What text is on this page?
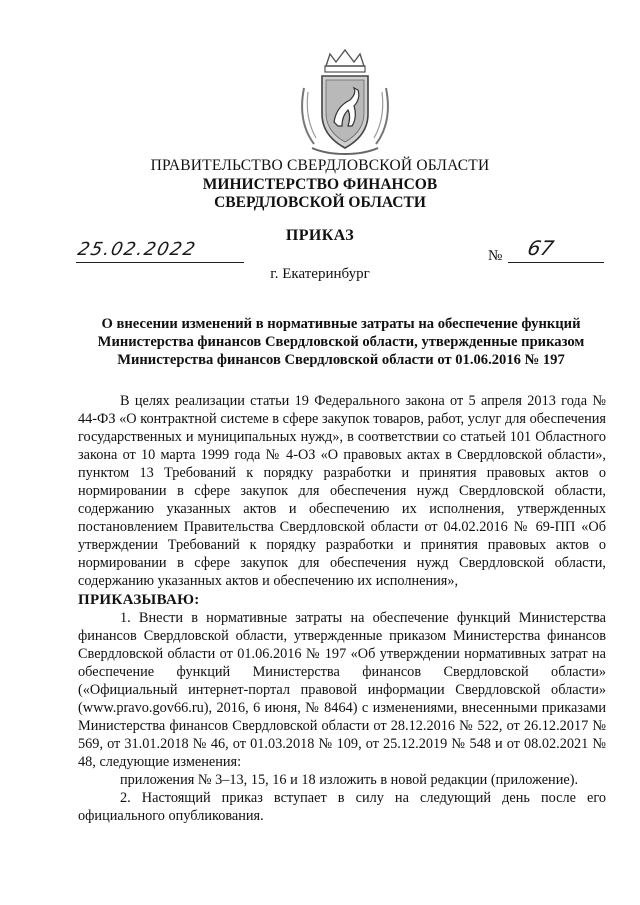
ПРАВИТЕЛЬСТВО СВЕРДЛОВСКОЙ ОБЛАСТИ
МИНИСТЕРСТВО ФИНАНСОВ
СВЕРДЛОВСКОЙ ОБЛАСТИ
ПРИКАЗ
25.02.2022	№ 67
г. Екатеринбург
О внесении изменений в нормативные затраты на обеспечение функций Министерства финансов Свердловской области, утвержденные приказом Министерства финансов Свердловской области от 01.06.2016 № 197

В целях реализации статьи 19 Федерального закона от 5 апреля 2013 года № 44-ФЗ «О контрактной системе в сфере закупок товаров, работ, услуг для обеспечения государственных и муниципальных нужд», в соответствии со статьей 101 Областного закона от 10 марта 1999 года № 4-ОЗ «О правовых актах в Свердловской области», пунктом 13 Требований к порядку разработки и принятия правовых актов о нормировании в сфере закупок для обеспечения нужд Свердловской области, содержанию указанных актов и обеспечению их исполнения, утвержденных постановлением Правительства Свердловской области от 04.02.2016 № 69-ПП «Об утверждении Требований к порядку разработки и принятия правовых актов о нормировании в сфере закупок для обеспечения нужд Свердловской области, содержанию указанных актов и обеспечению их исполнения»,

ПРИКАЗЫВАЮ:

1. Внести в нормативные затраты на обеспечение функций Министерства финансов Свердловской области, утвержденные приказом Министерства финансов Свердловской области от 01.06.2016 № 197 «Об утверждении нормативных затрат на обеспечение функций Министерства финансов Свердловской области» («Официальный интернет-портал правовой информации Свердловской области» (www.pravo.gov66.ru), 2016, 6 июня, № 8464) с изменениями, внесенными приказами Министерства финансов Свердловской области от 28.12.2016 № 522, от 26.12.2017 № 569, от 31.01.2018 № 46, от 01.03.2018 № 109, от 25.12.2019 № 548 и от 08.02.2021 № 48, следующие изменения:

приложения № 3–13, 15, 16 и 18 изложить в новой редакции (приложение).

2. Настоящий приказ вступает в силу на следующий день после его официального опубликования.
